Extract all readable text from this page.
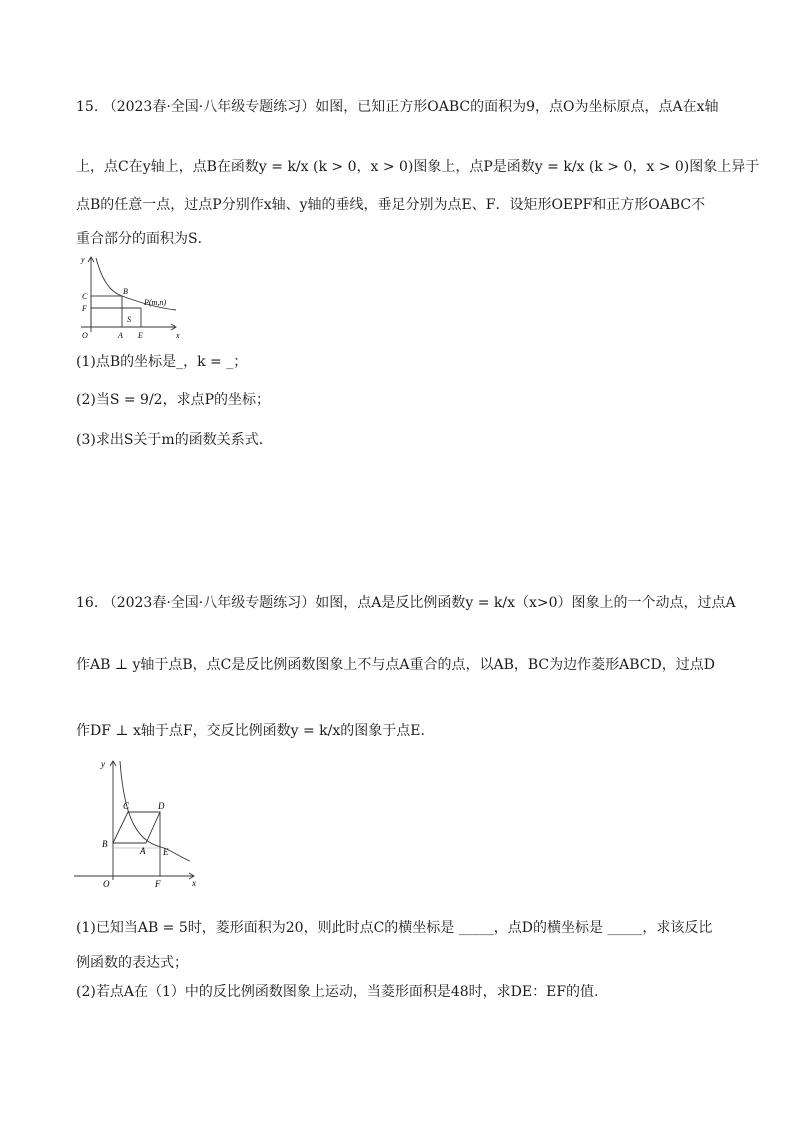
15. （2023春·全国·八年级专题练习）如图，已知正方形OABC的面积为9，点O为坐标原点，点A在x轴
上，点C在y轴上，点B在函数y = k/x (k > 0，x > 0)图象上，点P是函数y = k/x (k > 0，x > 0)图象上异于
点B的任意一点，过点P分别作x轴、y轴的垂线，垂足分别为点E、F．设矩形OEPF和正方形OABC不
重合部分的面积为S．
y
x
O	A E
C
F
B
S
P(m,n)
(1)点B的坐标是_，k = _；
(2)当S = 9/2，求点P的坐标；
(3)求出S关于m的函数关系式．
16. （2023春·全国·八年级专题练习）如图，点A是反比例函数y = k/x（x>0）图象上的一个动点，过点A
作AB ⊥ y轴于点B，点C是反比例函数图象上不与点A重合的点，以AB，BC为边作菱形ABCD，过点D
作DF ⊥ x轴于点F，交反比例函数y = k/x的图象于点E.
y
x
O
B
C	D
A E
F
(1)已知当AB = 5时，菱形面积为20，则此时点C的横坐标是 _____，点D的横坐标是 _____，求该反比
例函数的表达式；
(2)若点A在（1）中的反比例函数图象上运动，当菱形面积是48时，求DE：EF的值.
